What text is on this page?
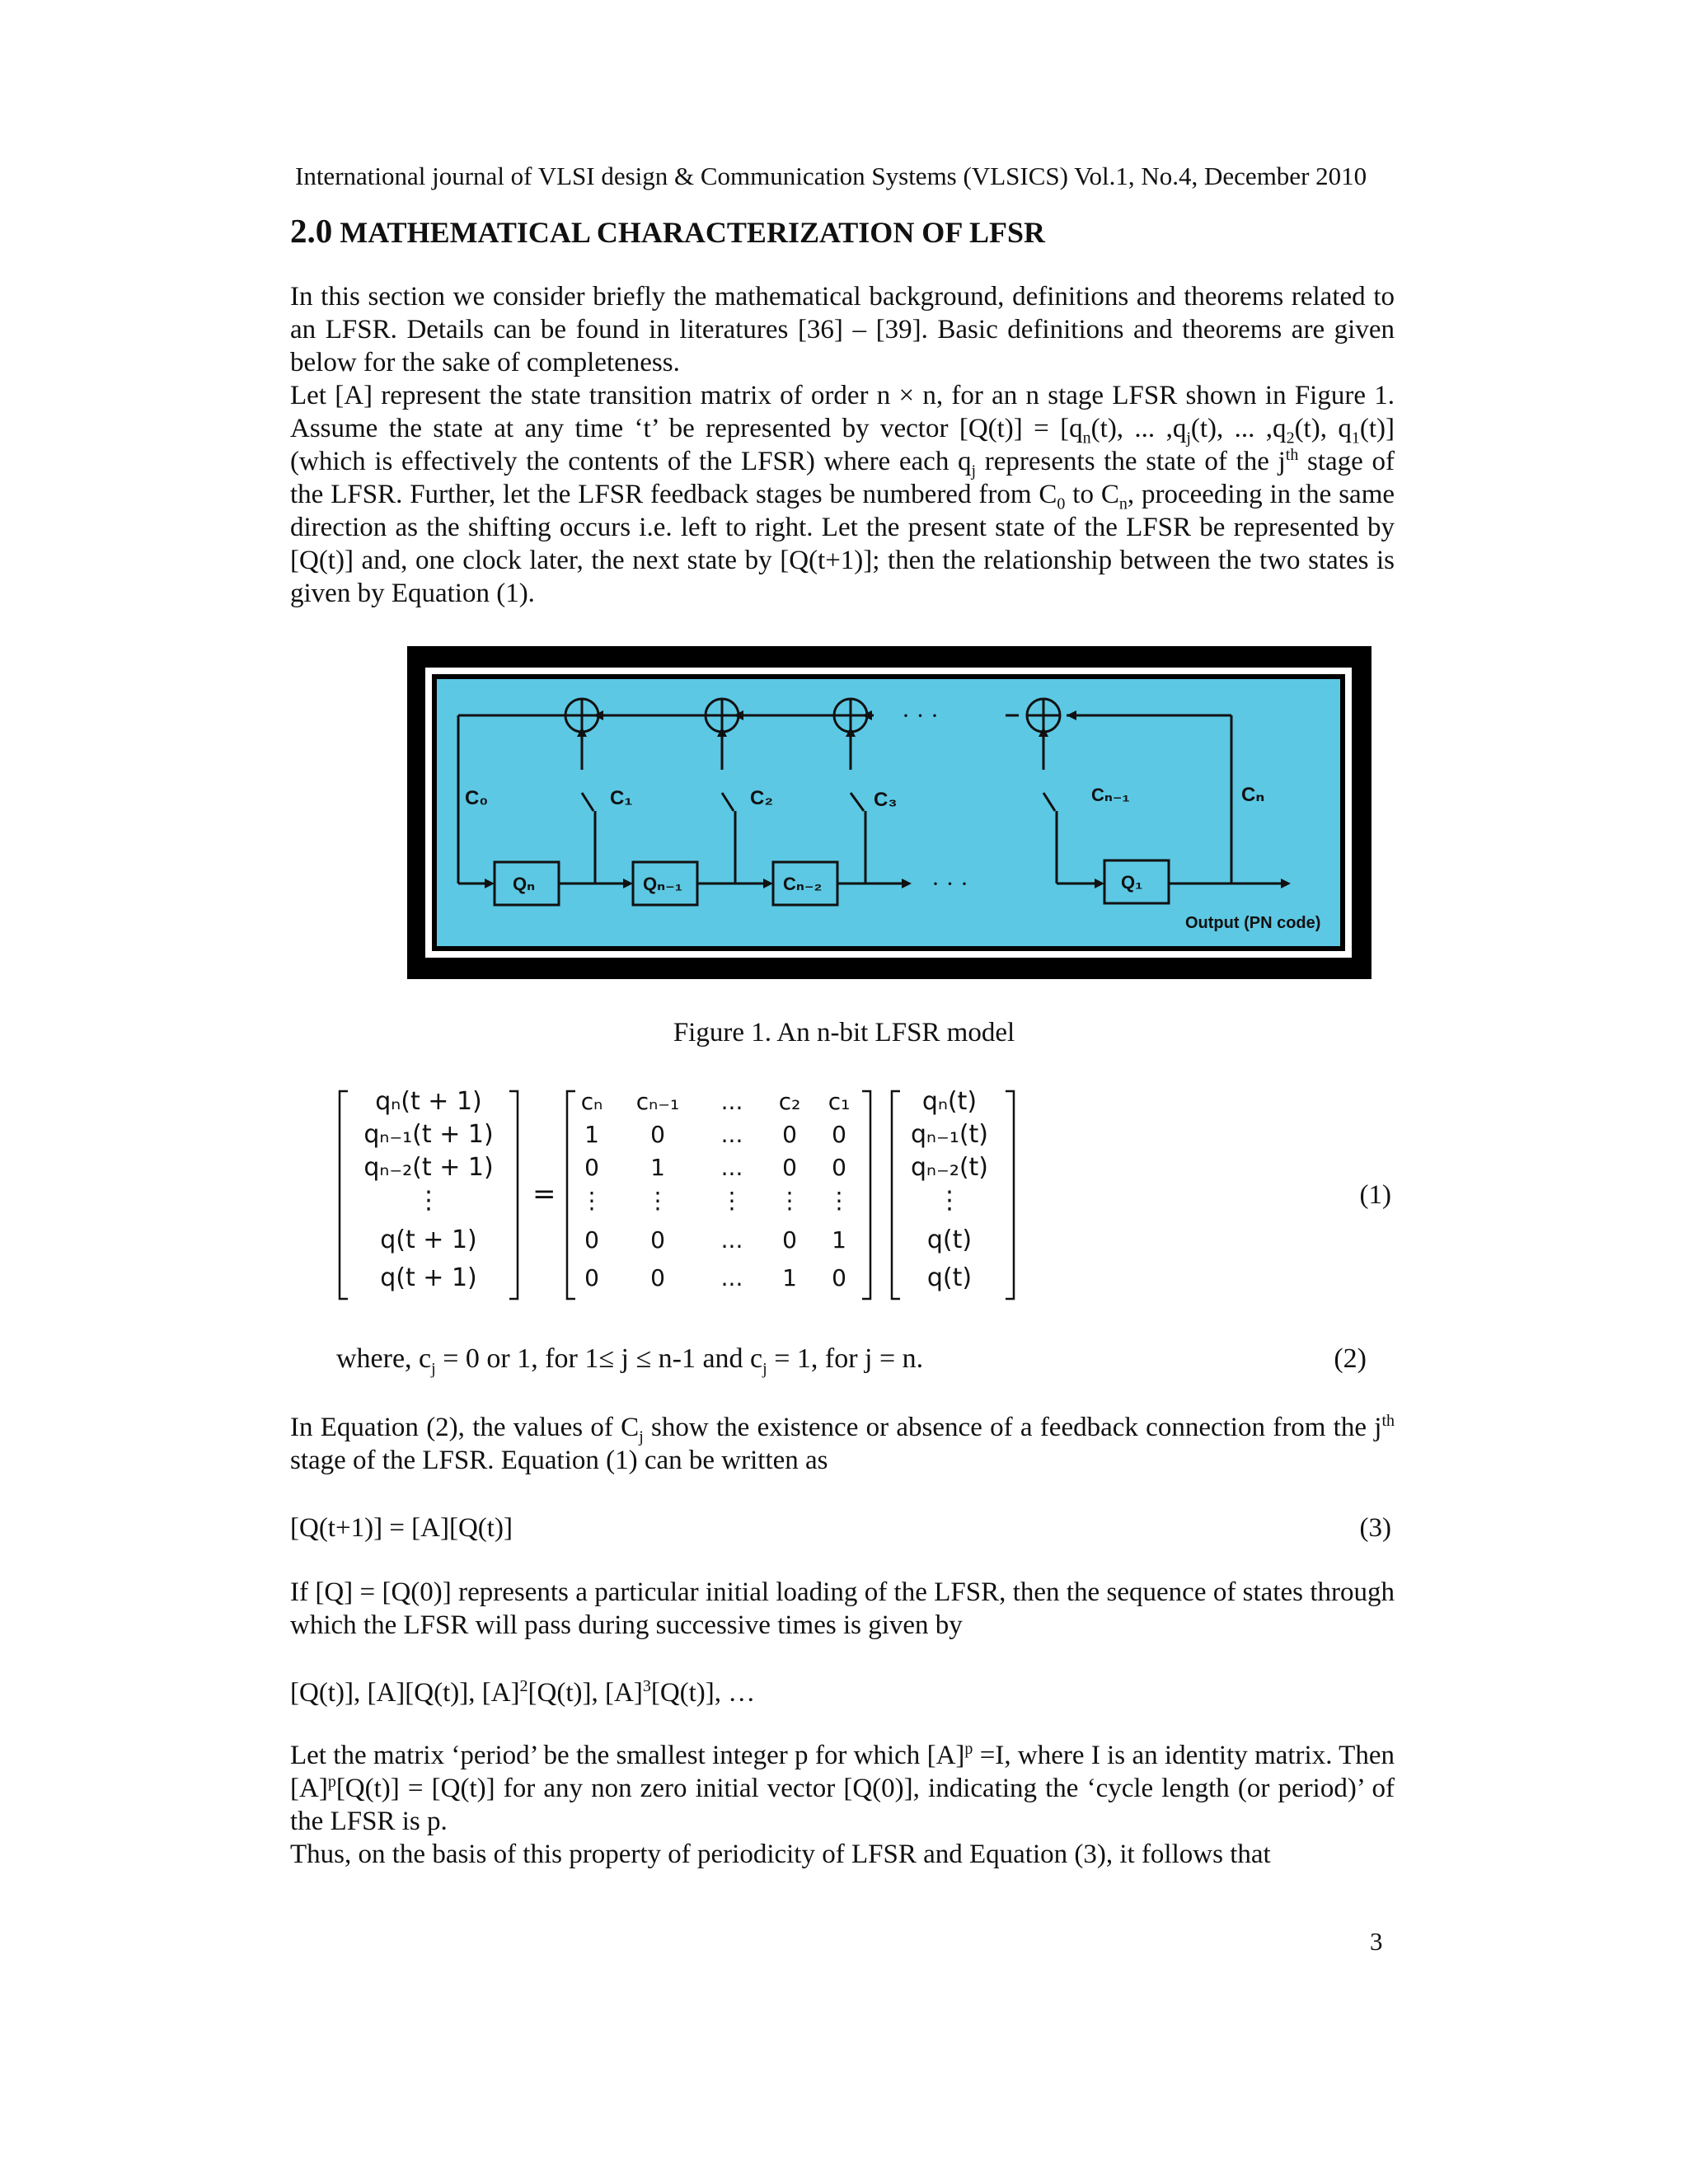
International journal of VLSI design & Communication Systems (VLSICS) Vol.1, No.4, December 2010
2.0 MATHEMATICAL CHARACTERIZATION OF LFSR

In this section we consider briefly the mathematical background, definitions and theorems related to an LFSR. Details can be found in literatures [36] – [39]. Basic definitions and theorems are given below for the sake of completeness.

Let [A] represent the state transition matrix of order n × n, for an n stage LFSR shown in Figure 1. Assume the state at any time ‘t’ be represented by vector $[Q(t)] = [q_n(t)$, ... $,q_j(t)$, ... $,q_2(t)$, $q_1(t)$] (which is effectively the contents of the LFSR) where each $q_j$ represents the state of the $j^{th}$ stage of the LFSR. Further, let the LFSR feedback stages be numbered from $C_0$ to $C_n$, proceeding in the same direction as the shifting occurs i.e. left to right. Let the present state of the LFSR be represented by [Q(t)] and, one clock later, the next state by [Q(t+1)]; then the relationship between the two states is given by Equation (1).

· · ·
C₀	C₁	C₂	C₃	Cₙ₋₁	Cₙ
Qₙ	Qₙ₋₁	Cₙ₋₂	Q₁
· · ·
Output (PN code)
Figure 1. An n-bit LFSR model
qₙ(t + 1)
qₙ₋₁(t + 1)
qₙ₋₂(t + 1)
⋮
q(t + 1)
q(t + 1)
=
cₙ cₙ₋₁ ... c₂ c₁
1 0 ... 0 0
0 1 ... 0 0
⋮ ⋮ ⋮ ⋮ ⋮
0 0 ... 0 1
0 0 ... 1 0
qₙ(t)
qₙ₋₁(t)
qₙ₋₂(t)
⋮
q(t)
q(t)
(1)
where, $c_j = 0$ or 1, for 1≤ j ≤ n-1 and $c_j = 1$, for j = n.	(2)

In Equation (2), the values of $C_j$ show the existence or absence of a feedback connection from the $j^{th}$ stage of the LFSR. Equation (1) can be written as

[Q(t+1)] = [A][Q(t)]	(3)

If [Q] = [Q(0)] represents a particular initial loading of the LFSR, then the sequence of states through which the LFSR will pass during successive times is given by

[Q(t)], [A][Q(t)], $[A]^2[Q(t)]$, $[A]^3[Q(t)]$, …

Let the matrix ‘period’ be the smallest integer p for which $[A]^p =I$, where I is an identity matrix. Then $[A]^p[Q(t)] = [Q(t)]$ for any non zero initial vector [Q(0)], indicating the ‘cycle length (or period)’ of the LFSR is p.

Thus, on the basis of this property of periodicity of LFSR and Equation (3), it follows that

3
